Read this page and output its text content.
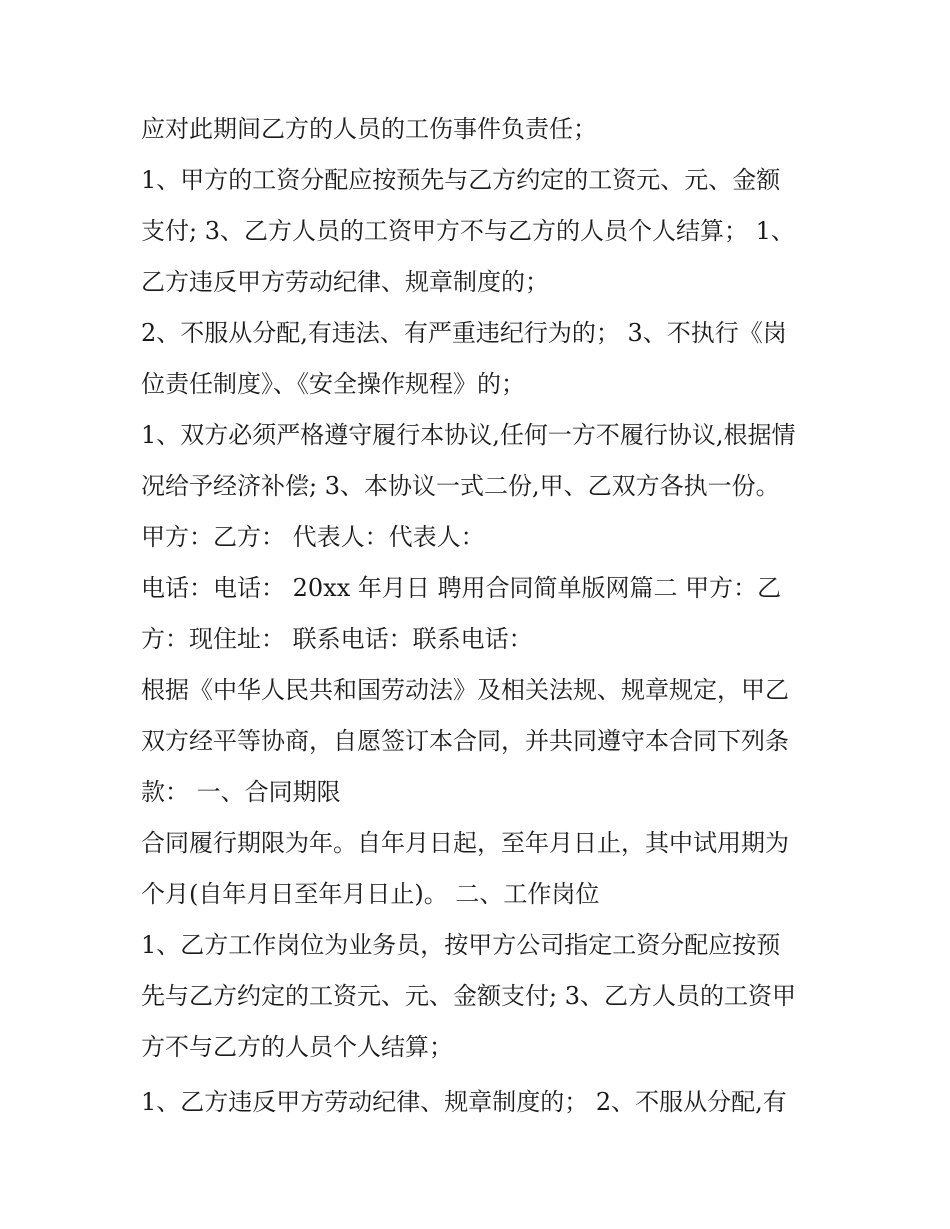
应对此期间乙方的人员的工伤事件负责任；

1、甲方的工资分配应按预先与乙方约定的工资元、元、金额

支付; 3、乙方人员的工资甲方不与乙方的人员个人结算； 1、

乙方违反甲方劳动纪律、规章制度的；

2、不服从分配,有违法、有严重违纪行为的； 3、不执行《岗

位责任制度》、《安全操作规程》的；

1、双方必须严格遵守履行本协议,任何一方不履行协议,根据情

况给予经济补偿; 3、本协议一式二份,甲、乙双方各执一份。

甲方：乙方： 代表人：代表人：

电话：电话： 20xx 年月日 聘用合同简单版网篇二 甲方：乙

方：现住址： 联系电话：联系电话：

根据《中华人民共和国劳动法》及相关法规、规章规定，甲乙

双方经平等协商，自愿签订本合同，并共同遵守本合同下列条

款： 一、合同期限

合同履行期限为年。自年月日起，至年月日止，其中试用期为

个月(自年月日至年月日止)。 二、工作岗位

1、乙方工作岗位为业务员，按甲方公司指定工资分配应按预

先与乙方约定的工资元、元、金额支付; 3、乙方人员的工资甲

方不与乙方的人员个人结算；

1、乙方违反甲方劳动纪律、规章制度的； 2、不服从分配,有
